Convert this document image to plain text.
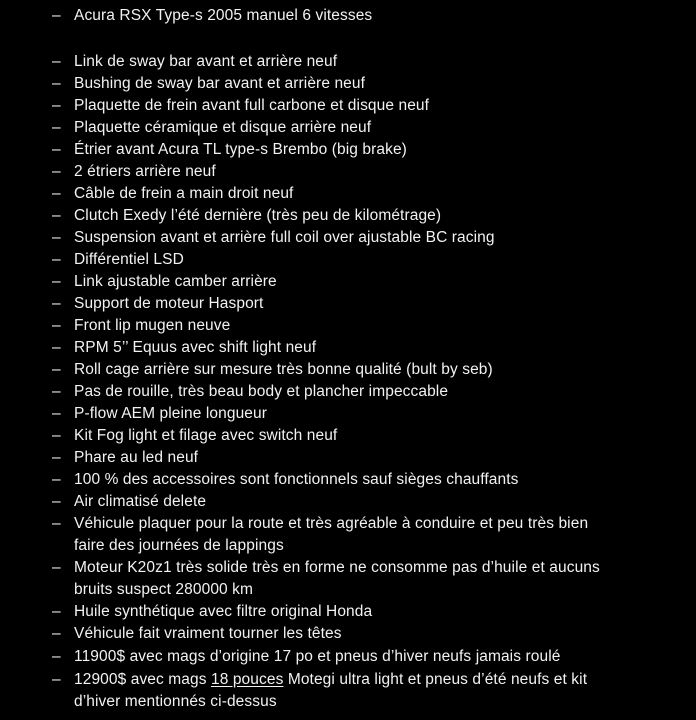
– Acura RSX Type-s 2005 manuel 6 vitesses
– Link de sway bar avant et arrière neuf
– Bushing de sway bar avant et arrière neuf
– Plaquette de frein avant full carbone et disque neuf
– Plaquette céramique et disque arrière neuf
– Étrier avant Acura TL type-s Brembo (big brake)
– 2 étriers arrière neuf
– Câble de frein a main droit neuf
– Clutch Exedy l’été dernière (très peu de kilométrage)
– Suspension avant et arrière full coil over ajustable BC racing
– Différentiel LSD
– Link ajustable camber arrière
– Support de moteur Hasport
– Front lip mugen neuve
– RPM 5’’ Equus avec shift light neuf
– Roll cage arrière sur mesure très bonne qualité (bult by seb)
– Pas de rouille, très beau body et plancher impeccable
– P-flow AEM pleine longueur
– Kit Fog light et filage avec switch neuf
– Phare au led neuf
– 100 % des accessoires sont fonctionnels sauf sièges chauffants
– Air climatisé delete
– Véhicule plaquer pour la route et très agréable à conduire et peu très bien
faire des journées de lappings
– Moteur K20z1 très solide très en forme ne consomme pas d’huile et aucuns
bruits suspect 280000 km
– Huile synthétique avec filtre original Honda
– Véhicule fait vraiment tourner les têtes
– 11900$ avec mags d’origine 17 po et pneus d’hiver neufs jamais roulé
– 12900$ avec mags 18 pouces Motegi ultra light et pneus d’été neufs et kit
d’hiver mentionnés ci-dessus
